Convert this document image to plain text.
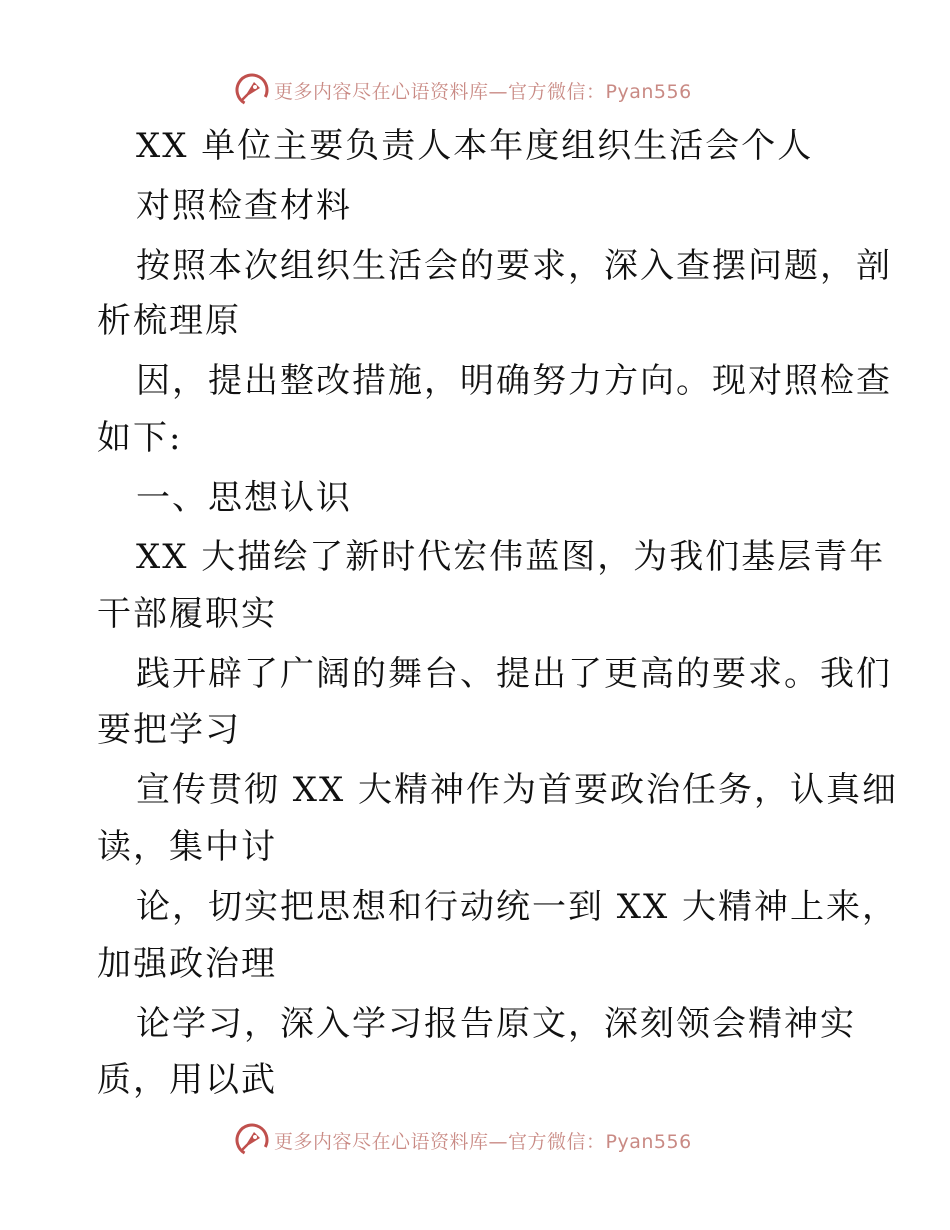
更多内容尽在心语资料库—官方微信：Pyan556
XX 单位主要负责人本年度组织生活会个人
对照检查材料
按照本次组织生活会的要求，深入查摆问题，剖
析梳理原
因，提出整改措施，明确努力方向。现对照检查
如下:
一、思想认识
XX 大描绘了新时代宏伟蓝图，为我们基层青年
干部履职实
践开辟了广阔的舞台、提出了更高的要求。我们
要把学习
宣传贯彻 XX 大精神作为首要政治任务，认真细
读，集中讨
论，切实把思想和行动统一到 XX 大精神上来，
加强政治理
论学习，深入学习报告原文，深刻领会精神实
质，用以武
更多内容尽在心语资料库—官方微信：Pyan556
